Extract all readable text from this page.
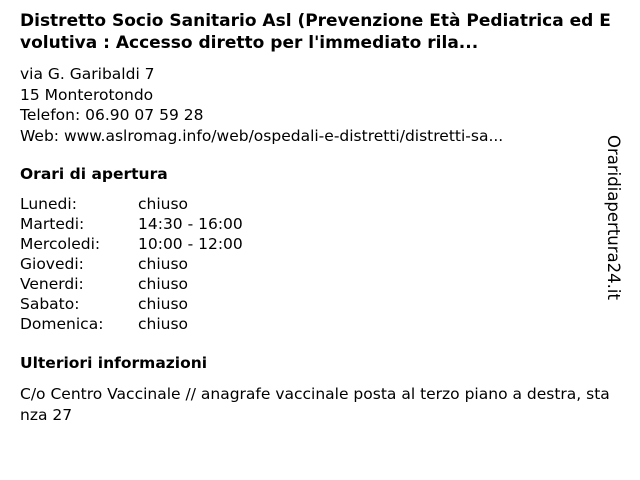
Distretto Socio Sanitario Asl (Prevenzione Età Pediatrica ed Evolutiva : Accesso diretto per l'immediato rila...
via G. Garibaldi 7
15 Monterotondo
Telefon: 06.90 07 59 28
Web: www.aslromag.info/web/ospedali-e-distretti/distretti-sa...
Orari di apertura
Lunedi:	chiuso
Martedi:	14:30 - 16:00
Mercoledi:	10:00 - 12:00
Giovedi:	chiuso
Venerdi:	chiuso
Sabato:	chiuso
Domenica:	chiuso
Ulteriori informazioni
C/o Centro Vaccinale // anagrafe vaccinale posta al terzo piano a destra, stanza 27
Oraridiapertura24.it
